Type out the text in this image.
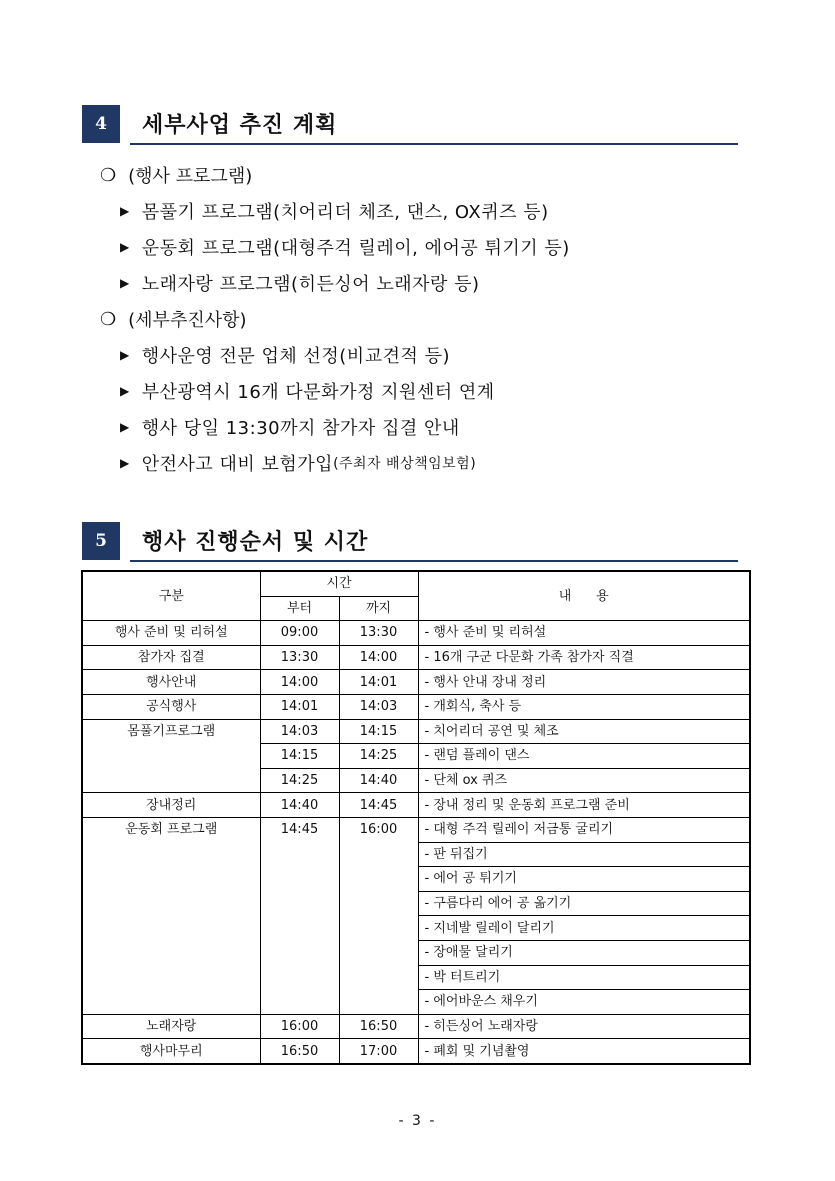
4	세부사업 추진 계획
❍ (행사 프로그램)
▶ 몸풀기 프로그램(치어리더 체조, 댄스, OX퀴즈 등)
▶ 운동회 프로그램(대형주걱 릴레이, 에어공 튀기기 등)
▶ 노래자랑 프로그램(히든싱어 노래자랑 등)
❍ (세부추진사항)
▶ 행사운영 전문 업체 선정(비교견적 등)
▶ 부산광역시 16개 다문화가정 지원센터 연계
▶ 행사 당일 13:30까지 참가자 집결 안내
▶ 안전사고 대비 보험가입 (주최자 배상책임보험)
5	행사 진행순서 및 시간
구분	시간		내      용
	부터	까지	
행사 준비 및 리허설	09:00	13:30	- 행사 준비 및 리허설
참가자 집결	13:30	14:00	- 16개 구군 다문화 가족 참가자 직결
행사안내	14:00	14:01	- 행사 안내 장내 정리
공식행사	14:01	14:03	- 개회식, 축사 등
몸풀기프로그램	14:03	14:15	- 치어리더 공연 및 체조
	14:15	14:25	- 랜덤 플레이 댄스
	14:25	14:40	- 단체 ox 퀴즈
장내정리	14:40	14:45	- 장내 정리 및 운동회 프로그램 준비
운동회 프로그램	14:45	16:00	- 대형 주걱 릴레이 저금통 굴리기
			- 판 뒤집기
			- 에어 공 튀기기
			- 구름다리 에어 공 옮기기
			- 지네발 릴레이 달리기
			- 장애물 달리기
			- 박 터트리기
			- 에어바운스 채우기
노래자랑	16:00	16:50	- 히든싱어 노래자랑
행사마무리	16:50	17:00	- 폐회 및 기념촬영
- 3 -
